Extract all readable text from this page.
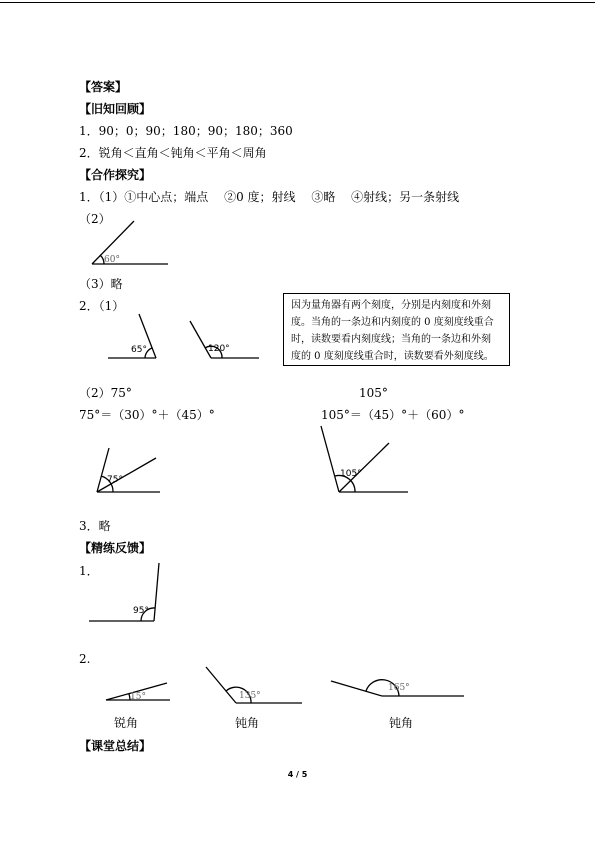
【答案】
【旧知回顾】
1．90；0；90；180；90；180；360
2．锐角＜直角＜钝角＜平角＜周角
【合作探究】
1．（1）①中心点；端点　 ②0 度；射线　 ③略　 ④射线；另一条射线
（2）
（3）略
2．（1）	因为量角器有两个刻度，分别是内刻度和外刻
度。当角的一条边和内刻度的 0 度刻度线重合
时，读数要看内刻度线；当角的一条边和外刻
度的 0 度刻度线重合时，读数要看外刻度线。
（2）75°	105°
75°＝（30）°＋（45）°	105°＝（45）°＋（60）°
3．略
【精练反馈】
1．
2.
锐角	钝角	钝角
【课堂总结】
4 / 5
60°
65°	120°
75°
105°
95°
15°	135°
165°
